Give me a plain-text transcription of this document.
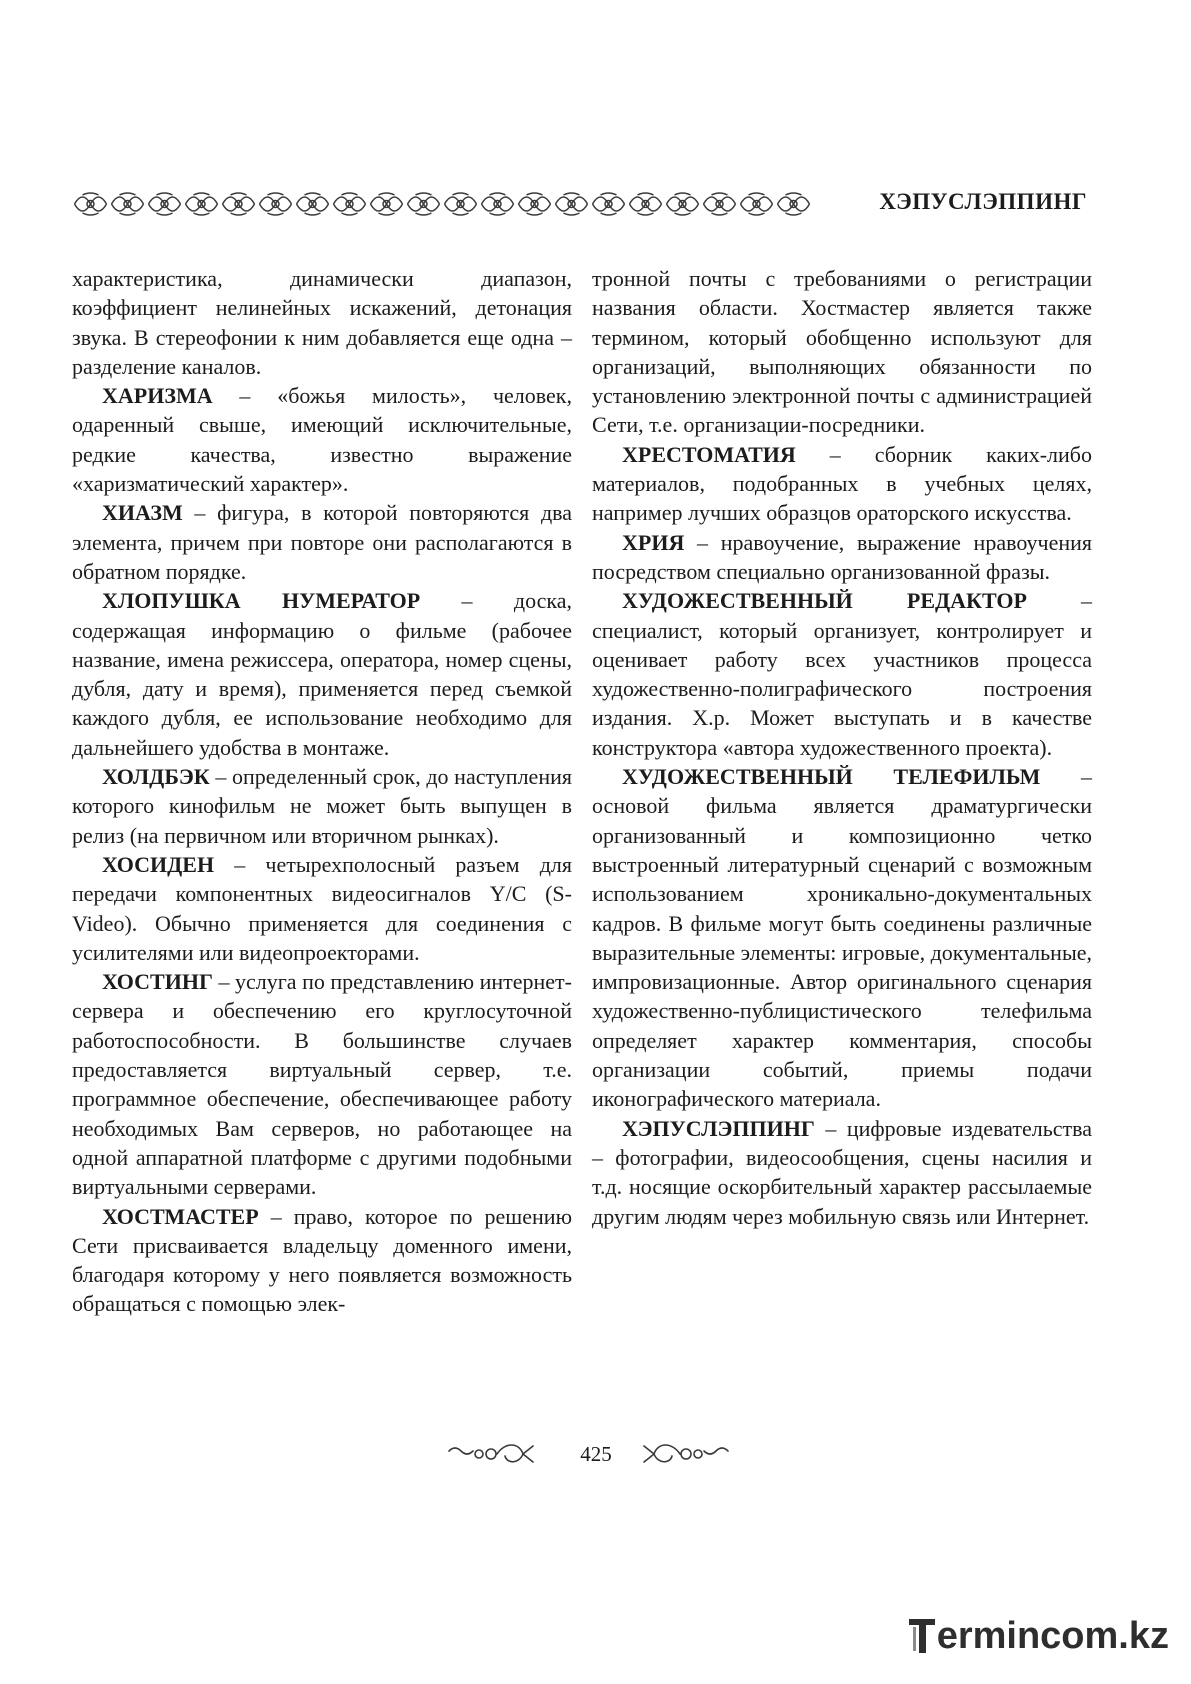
ХЭПУСЛЭППИНГ

характеристика, динамически диапазон, коэффициент нелинейных искажений, детонация звука. В стереофонии к ним добавляется еще одна – разделение каналов.

ХАРИЗМА – «божья милость», человек, одаренный свыше, имеющий исключительные, редкие качества, известно выражение «харизматический характер».

ХИАЗМ – фигура, в которой повторяются два элемента, причем при повторе они располагаются в обратном порядке.

ХЛОПУШКА НУМЕРАТОР – доска, содержащая информацию о фильме (рабочее название, имена режиссера, оператора, номер сцены, дубля, дату и время), применяется перед съемкой каждого дубля, ее использование необходимо для дальнейшего удобства в монтаже.

ХОЛДБЭК – определенный срок, до наступления которого кинофильм не может быть выпущен в релиз (на первичном или вторичном рынках).

ХОСИДЕН – четырехполосный разъем для передачи компонентных видеосигналов Y/C (S-Video). Обычно применяется для соединения с усилителями или видеопроекторами.

ХОСТИНГ – услуга по представлению интернет-сервера и обеспечению его круглосуточной работоспособности. В большинстве случаев предоставляется виртуальный сервер, т.е. программное обеспечение, обеспечивающее работу необходимых Вам серверов, но работающее на одной аппаратной платформе с другими подобными виртуальными серверами.

ХОСТМАСТЕР – право, которое по решению Сети присваивается владельцу доменного имени, благодаря которому у него появляется возможность обращаться с помощью элек-

тронной почты с требованиями о регистрации названия области. Хостмастер является также термином, который обобщенно используют для организаций, выполняющих обязанности по установлению электронной почты с администрацией Сети, т.е. организации-посредники.

ХРЕСТОМАТИЯ – сборник каких-либо материалов, подобранных в учебных целях, например лучших образцов ораторского искусства.

ХРИЯ – нравоучение, выражение нравоучения посредством специально организованной фразы.

ХУДОЖЕСТВЕННЫЙ РЕДАКТОР – специалист, который организует, контролирует и оценивает работу всех участников процесса художественно-полиграфического построения издания. Х.р. Может выступать и в качестве конструктора «автора художественного проекта).

ХУДОЖЕСТВЕННЫЙ ТЕЛЕФИЛЬМ – основой фильма является драматургически организованный и композиционно четко выстроенный литературный сценарий с возможным использованием хроникально-документальных кадров. В фильме могут быть соединены различные выразительные элементы: игровые, документальные, импровизационные. Автор оригинального сценария художественно-публицистического телефильма определяет характер комментария, способы организации событий, приемы подачи иконографического материала.

ХЭПУСЛЭППИНГ – цифровые издевательства – фотографии, видеосообщения, сцены насилия и т.д. носящие оскорбительный характер рассылаемые другим людям через мобильную связь или Интернет.

425
ermincom.kz
